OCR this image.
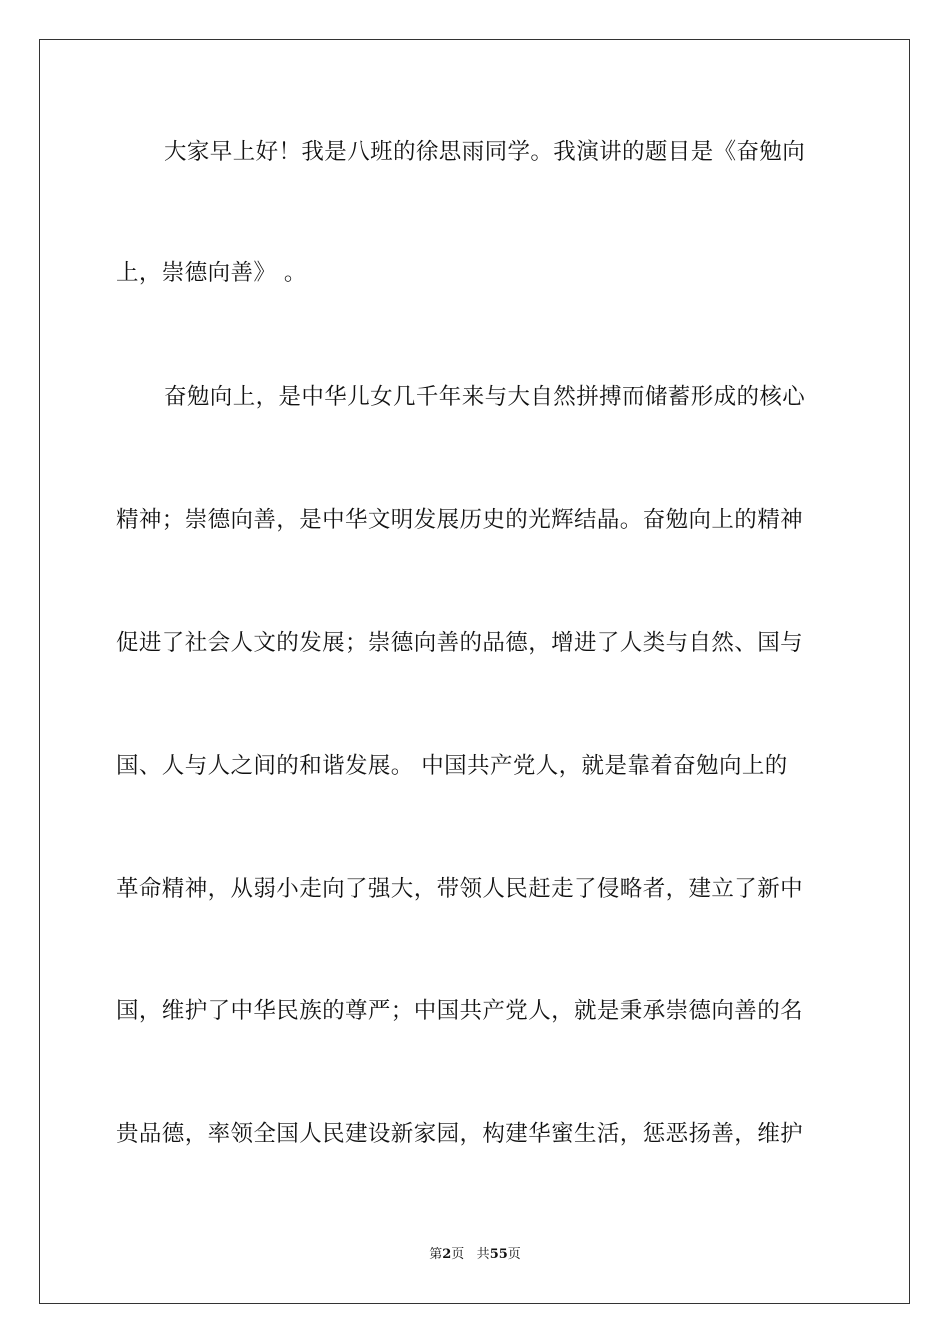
大家早上好！我是八班的徐思雨同学。我演讲的题目是《奋勉向
上，崇德向善》 。
奋勉向上，是中华儿女几千年来与大自然拼搏而储蓄形成的核心
精神；崇德向善，是中华文明发展历史的光辉结晶。奋勉向上的精神
促进了社会人文的发展；崇德向善的品德，增进了人类与自然、国与
国、人与人之间的和谐发展。 中国共产党人，就是靠着奋勉向上的
革命精神，从弱小走向了强大，带领人民赶走了侵略者，建立了新中
国，维护了中华民族的尊严；中国共产党人，就是秉承崇德向善的名
贵品德，率领全国人民建设新家园，构建华蜜生活，惩恶扬善，维护
第2页 共55页
